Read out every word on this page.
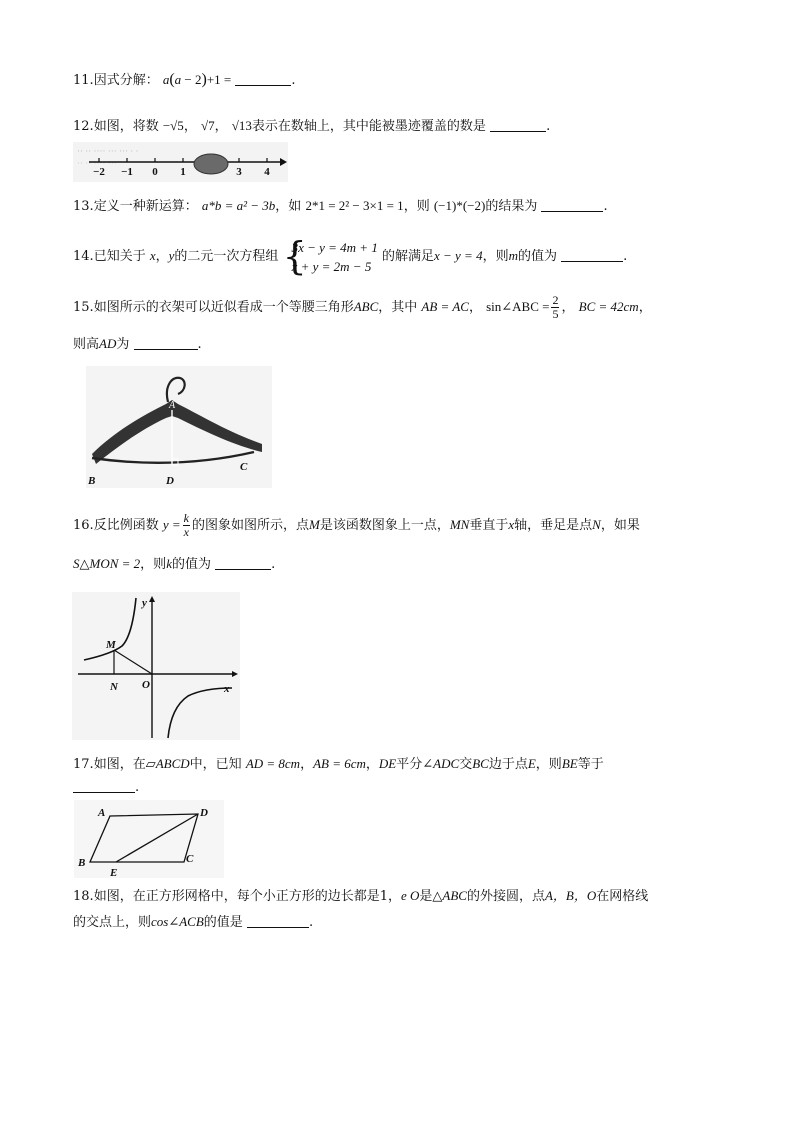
11.因式分解： a(a − 2)+1 =	.
12.如图，将数 −√5， √7， √13表示在数轴上，其中能被墨迹覆盖的数是	.
·· ·· ···· ··· ··· · ·
·· ·· ···· ···
−2 −1 0 1	3 4
13.定义一种新运算： a*b = a² − 3b，如 2*1 = 2² − 3×1 = 1，则 (−1)*(−2)的结果为	.
14.已知关于 x，y的二元一次方程组 {
3x − y = 4m + 1
x + y = 2m − 5
的解满足x − y = 4，则m的值为	.
15.如图所示的衣架可以近似看成一个等腰三角形ABC，其中 AB = AC， sin∠ABC = $\frac{2}{5}$ ， BC = 42cm，
则高AD为	.
A
B
C
D
16.反比例函数 $y = \frac{k}{x}$ 的图象如图所示，点M是该函数图象上一点，MN垂直于x轴，垂足是点N，如果
S△MON = 2，则k的值为	.
M
N O	x
y
17.如图，在▱ABCD中，已知 AD = 8cm，AB = 6cm，DE平分∠ADC交BC边于点E，则BE等于
.
A
B	C
D
E
18.如图，在正方形网格中，每个小正方形的边长都是1，e O是△ABC的外接圆，点A，B，O在网格线
的交点上，则cos∠ACB的值是	.
